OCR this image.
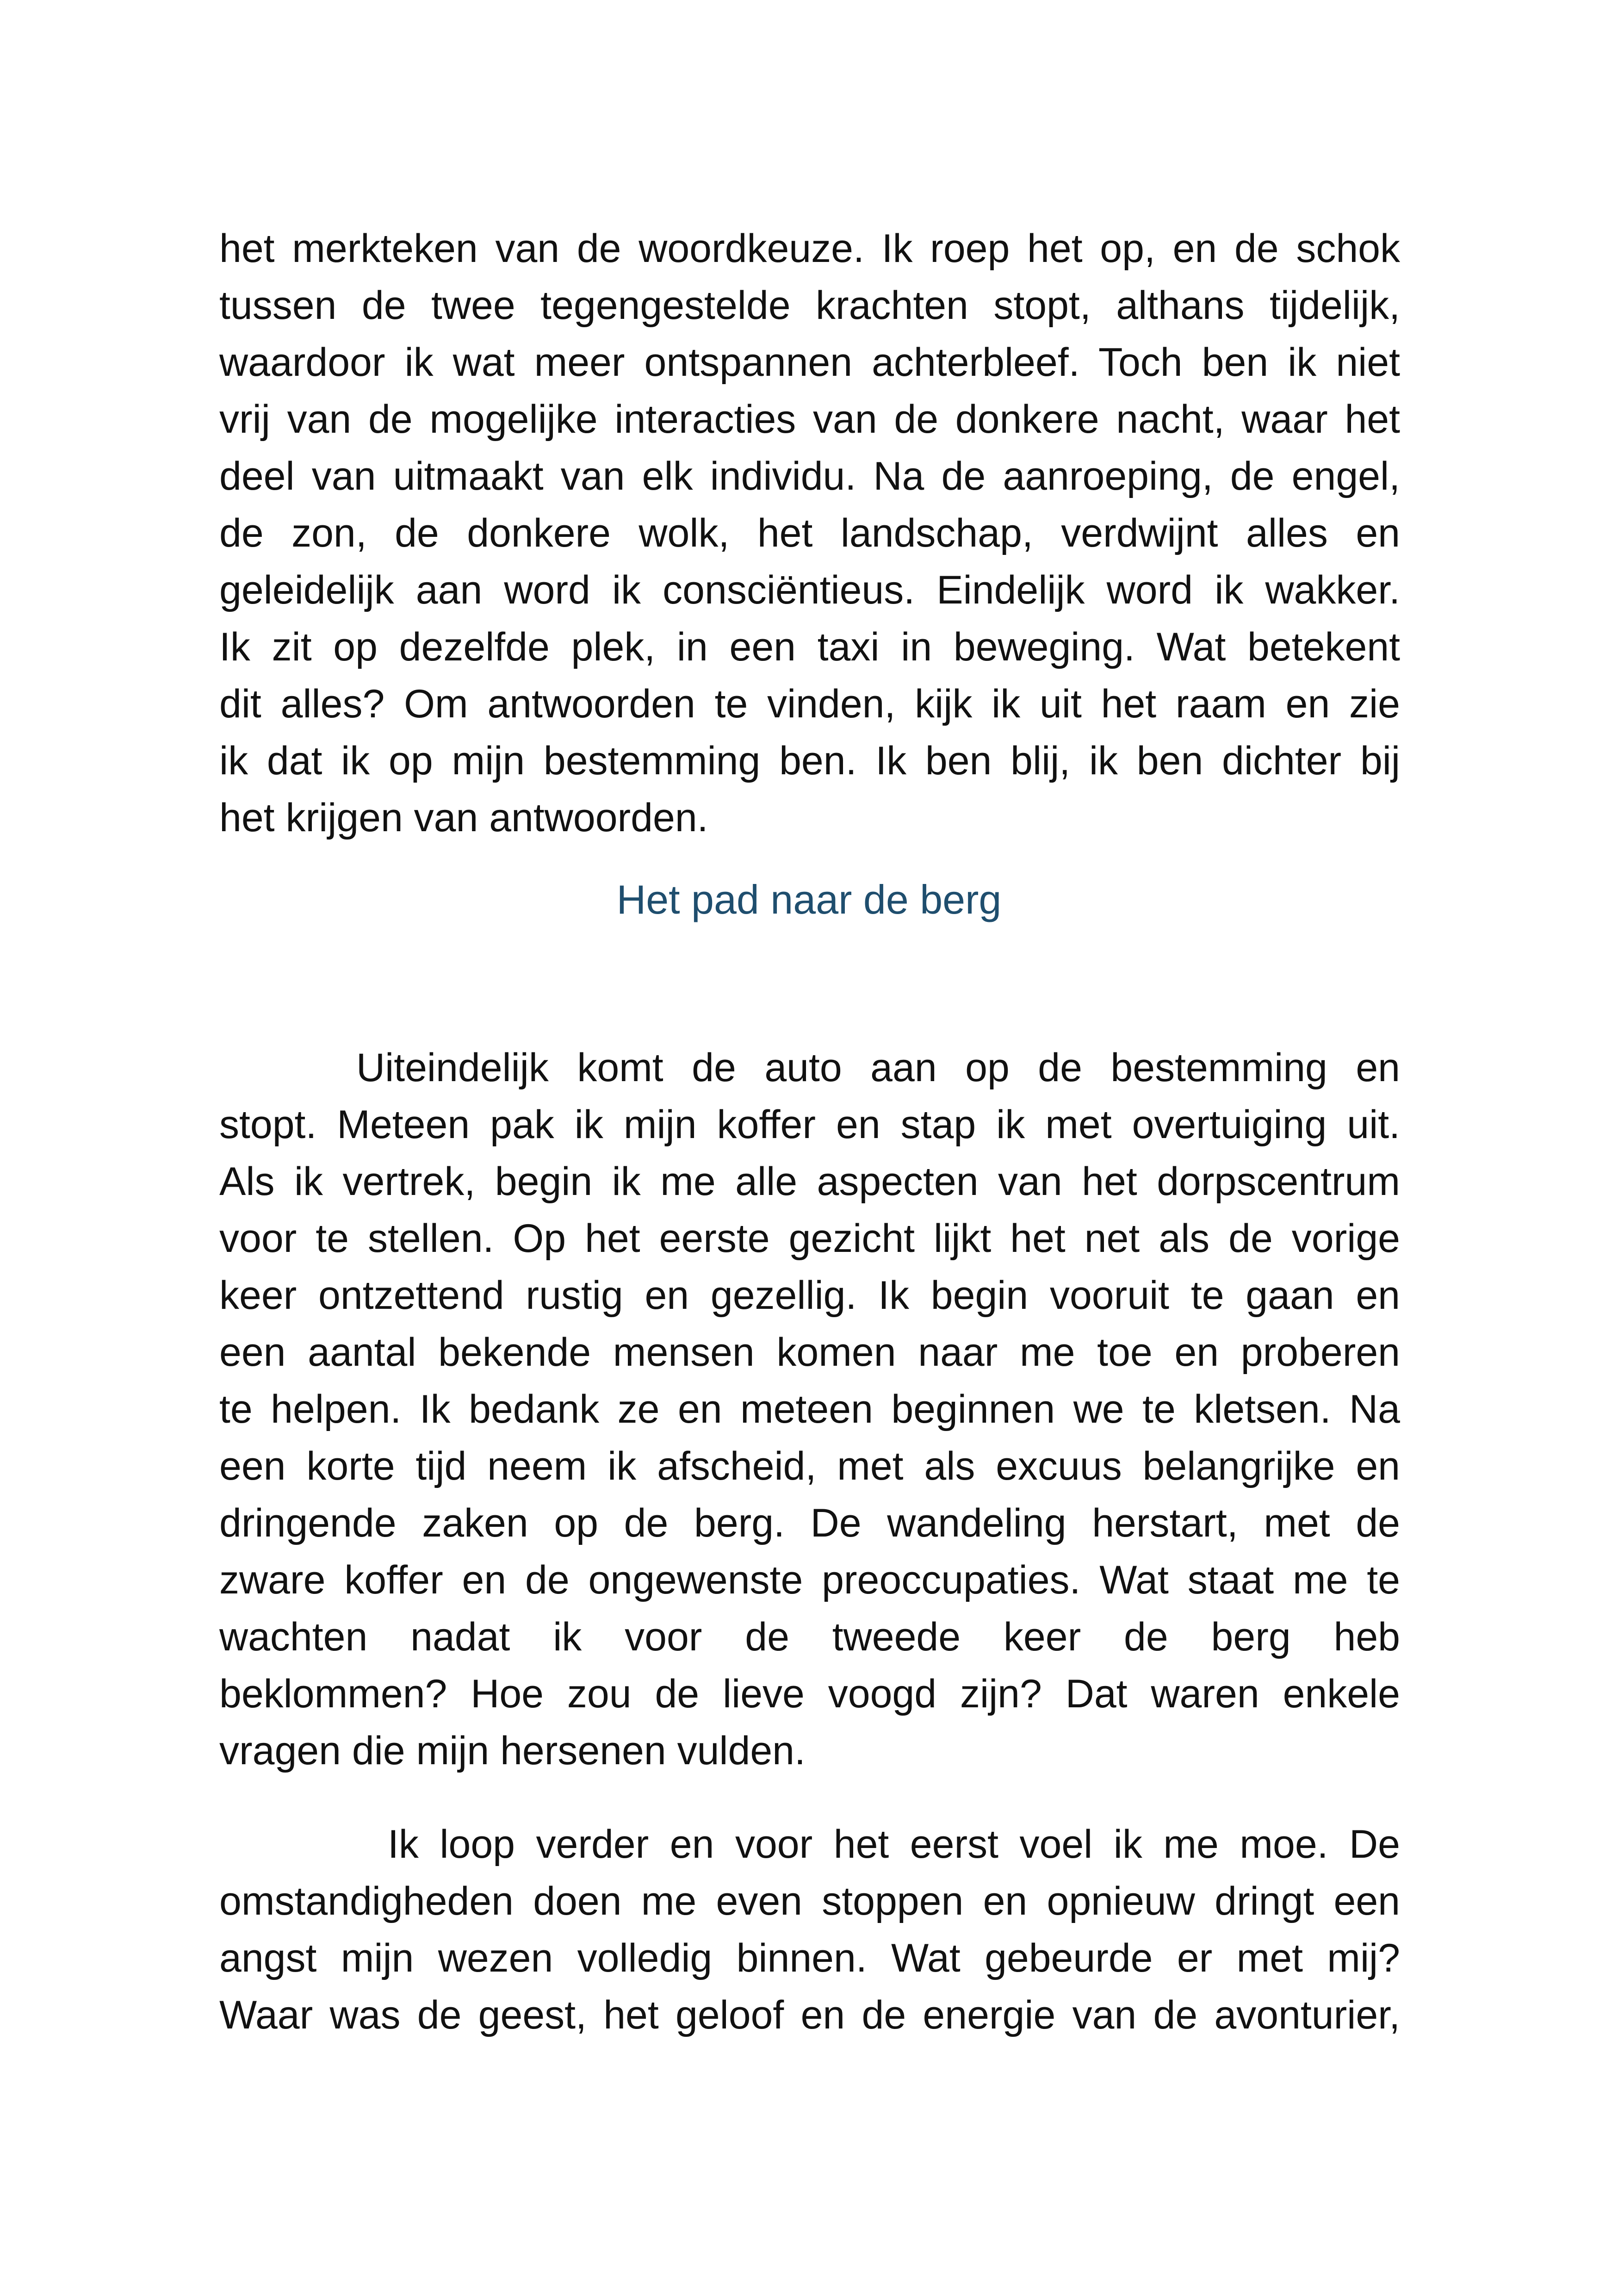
het merkteken van de woordkeuze. Ik roep het op, en de schok
tussen de twee tegengestelde krachten stopt, althans tijdelijk,
waardoor ik wat meer ontspannen achterbleef. Toch ben ik niet
vrij van de mogelijke interacties van de donkere nacht, waar het
deel van uitmaakt van elk individu. Na de aanroeping, de engel,
de zon, de donkere wolk, het landschap, verdwijnt alles en
geleidelijk aan word ik consciëntieus. Eindelijk word ik wakker.
Ik zit op dezelfde plek, in een taxi in beweging. Wat betekent
dit alles? Om antwoorden te vinden, kijk ik uit het raam en zie
ik dat ik op mijn bestemming ben. Ik ben blij, ik ben dichter bij
het krijgen van antwoorden.
Het pad naar de berg
Uiteindelijk komt de auto aan op de bestemming en
stopt. Meteen pak ik mijn koffer en stap ik met overtuiging uit.
Als ik vertrek, begin ik me alle aspecten van het dorpscentrum
voor te stellen. Op het eerste gezicht lijkt het net als de vorige
keer ontzettend rustig en gezellig. Ik begin vooruit te gaan en
een aantal bekende mensen komen naar me toe en proberen
te helpen. Ik bedank ze en meteen beginnen we te kletsen. Na
een korte tijd neem ik afscheid, met als excuus belangrijke en
dringende zaken op de berg. De wandeling herstart, met de
zware koffer en de ongewenste preoccupaties. Wat staat me te
wachten nadat ik voor de tweede keer de berg heb
beklommen? Hoe zou de lieve voogd zijn? Dat waren enkele
vragen die mijn hersenen vulden.
Ik loop verder en voor het eerst voel ik me moe. De
omstandigheden doen me even stoppen en opnieuw dringt een
angst mijn wezen volledig binnen. Wat gebeurde er met mij?
Waar was de geest, het geloof en de energie van de avonturier,
